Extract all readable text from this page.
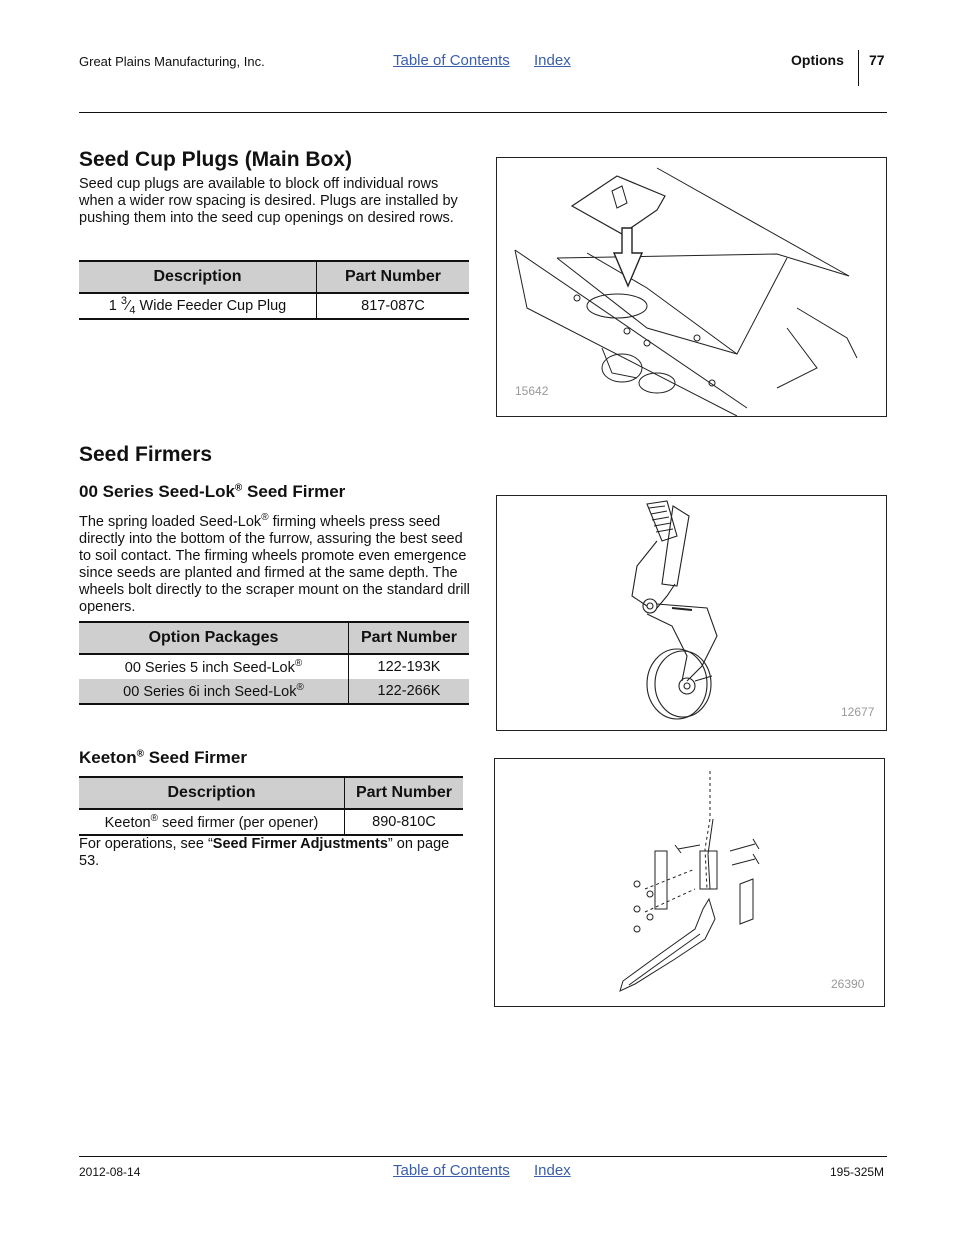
Great Plains Manufacturing, Inc.	Table of Contents Index	Options 77
Seed Cup Plugs (Main Box)

Seed cup plugs are available to block off individual rows when a wider row spacing is desired. Plugs are installed by pushing them into the seed cup openings on desired rows.

Description	Part Number
1 $^3⁄_4$ Wide Feeder Cup Plug	817-087C
15642
Seed Firmers
00 Series Seed-Lok® Seed Firmer

The spring loaded Seed-Lok® firming wheels press seed directly into the bottom of the furrow, assuring the best seed to soil contact. The firming wheels promote even emergence since seeds are planted and firmed at the same depth. The wheels bolt directly to the scraper mount on the standard drill openers.

Option Packages	Part Number
00 Series 5 inch Seed-Lok®	122-193K
00 Series 6i inch Seed-Lok®	122-266K
12677
Keeton® Seed Firmer
Description	Part Number
Keeton® seed firmer (per opener)	890-810C

For operations, see “Seed Firmer Adjustments” on page 53.

26390
2012-08-14	Table of Contents Index	195-325M
